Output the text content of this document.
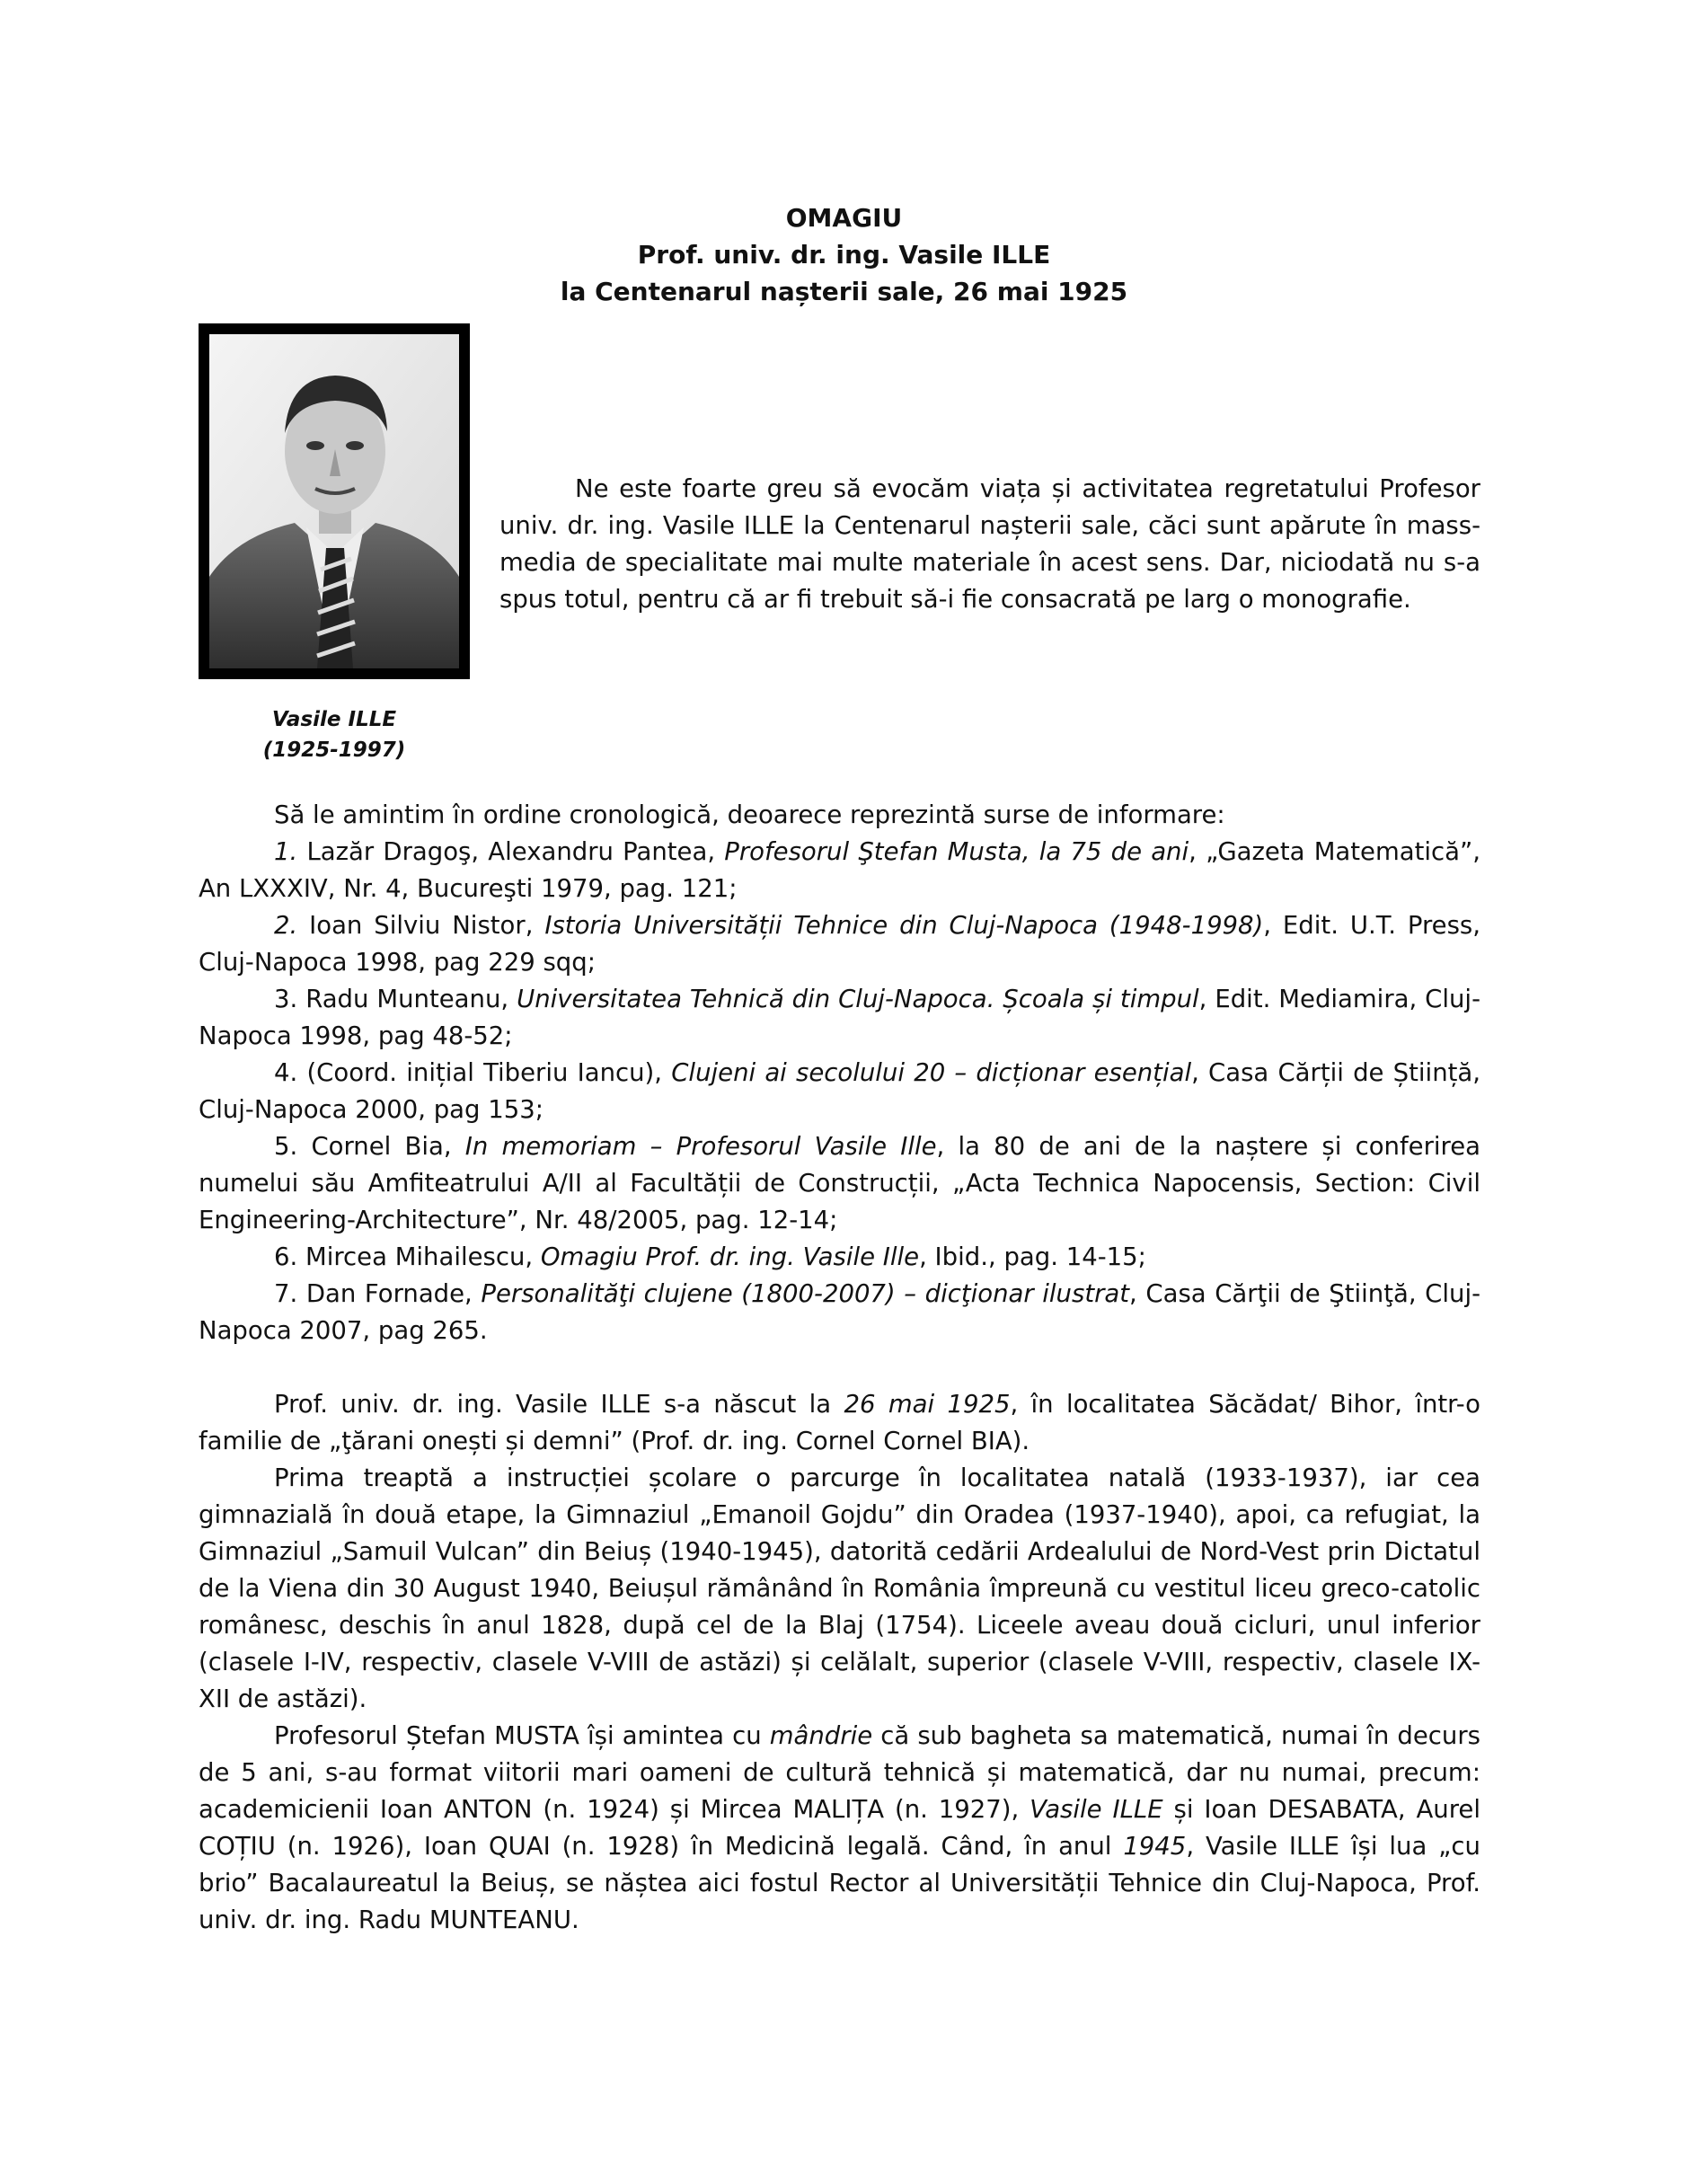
OMAGIU
Prof. univ. dr. ing. Vasile ILLE
la Centenarul nașterii sale, 26 mai 1925
Vasile ILLE
(1925-1997)

Ne este foarte greu să evocăm viața și activitatea regretatului Profesor univ. dr. ing. Vasile ILLE la Centenarul nașterii sale, căci sunt apărute în mass-media de specialitate mai multe materiale în acest sens. Dar, niciodată nu s-a spus totul, pentru că ar fi trebuit să-i fie consacrată pe larg o monografie.

Să le amintim în ordine cronologică, deoarece reprezintă surse de informare:

1. Lazăr Dragoş, Alexandru Pantea, Profesorul Ştefan Musta, la 75 de ani, „Gazeta Matematică”, An LXXXIV, Nr. 4, Bucureşti 1979, pag. 121;

2. Ioan Silviu Nistor, Istoria Universității Tehnice din Cluj-Napoca (1948-1998), Edit. U.T. Press, Cluj-Napoca 1998, pag 229 sqq;

3. Radu Munteanu, Universitatea Tehnică din Cluj-Napoca. Școala și timpul, Edit. Mediamira, Cluj-Napoca 1998, pag 48-52;

4. (Coord. inițial Tiberiu Iancu), Clujeni ai secolului 20 – dicționar esențial, Casa Cărții de Știință, Cluj-Napoca 2000, pag 153;

5. Cornel Bia, In memoriam – Profesorul Vasile Ille, la 80 de ani de la naștere și conferirea numelui său Amfiteatrului A/II al Facultății de Construcții, „Acta Technica Napocensis, Section: Civil Engineering-Architecture”, Nr. 48/2005, pag. 12-14;

6. Mircea Mihailescu, Omagiu Prof. dr. ing. Vasile Ille, Ibid., pag. 14-15;

7. Dan Fornade, Personalităţi clujene (1800-2007) – dicţionar ilustrat, Casa Cărţii de Ştiinţă, Cluj-Napoca 2007, pag 265.

Prof. univ. dr. ing. Vasile ILLE s-a născut la 26 mai 1925, în localitatea Săcădat/ Bihor, într-o familie de „ţărani onești și demni” (Prof. dr. ing. Cornel Cornel BIA).

Prima treaptă a instrucției școlare o parcurge în localitatea natală (1933-1937), iar cea gimnazială în două etape, la Gimnaziul „Emanoil Gojdu” din Oradea (1937-1940), apoi, ca refugiat, la Gimnaziul „Samuil Vulcan” din Beiuș (1940-1945), datorită cedării Ardealului de Nord-Vest prin Dictatul de la Viena din 30 August 1940, Beiușul rămânând în România împreună cu vestitul liceu greco-catolic românesc, deschis în anul 1828, după cel de la Blaj (1754). Liceele aveau două cicluri, unul inferior (clasele I-IV, respectiv, clasele V-VIII de astăzi) și celălalt, superior (clasele V-VIII, respectiv, clasele IX-XII de astăzi).

Profesorul Ștefan MUSTA își amintea cu mândrie că sub bagheta sa matematică, numai în decurs de 5 ani, s-au format viitorii mari oameni de cultură tehnică și matematică, dar nu numai, precum: academicienii Ioan ANTON (n. 1924) și Mircea MALIȚA (n. 1927), Vasile ILLE și Ioan DESABATA, Aurel COȚIU (n. 1926), Ioan QUAI (n. 1928) în Medicină legală. Când, în anul 1945, Vasile ILLE își lua „cu brio” Bacalaureatul la Beiuș, se năștea aici fostul Rector al Universității Tehnice din Cluj-Napoca, Prof. univ. dr. ing. Radu MUNTEANU.
